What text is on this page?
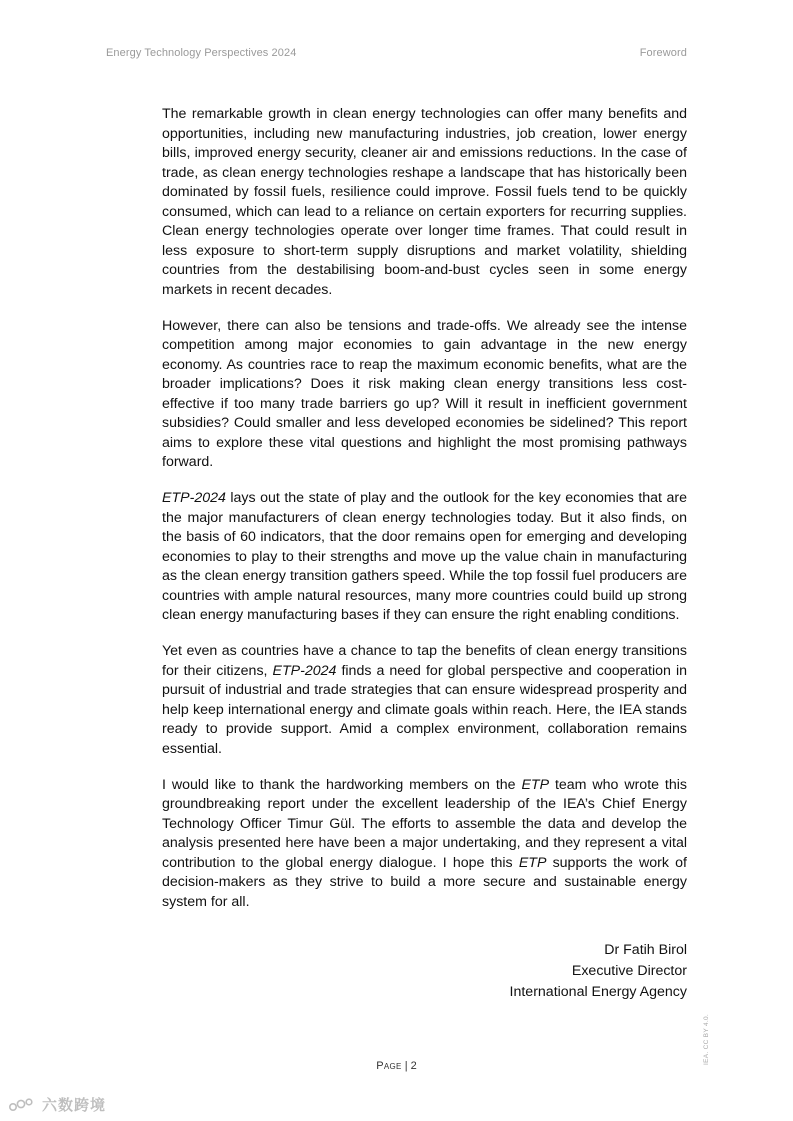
Energy Technology Perspectives 2024	Foreword

The remarkable growth in clean energy technologies can offer many benefits and opportunities, including new manufacturing industries, job creation, lower energy bills, improved energy security, cleaner air and emissions reductions. In the case of trade, as clean energy technologies reshape a landscape that has historically been dominated by fossil fuels, resilience could improve. Fossil fuels tend to be quickly consumed, which can lead to a reliance on certain exporters for recurring supplies. Clean energy technologies operate over longer time frames. That could result in less exposure to short-term supply disruptions and market volatility, shielding countries from the destabilising boom-and-bust cycles seen in some energy markets in recent decades.

However, there can also be tensions and trade-offs. We already see the intense competition among major economies to gain advantage in the new energy economy. As countries race to reap the maximum economic benefits, what are the broader implications? Does it risk making clean energy transitions less cost-effective if too many trade barriers go up? Will it result in inefficient government subsidies? Could smaller and less developed economies be sidelined? This report aims to explore these vital questions and highlight the most promising pathways forward.

ETP-2024 lays out the state of play and the outlook for the key economies that are the major manufacturers of clean energy technologies today. But it also finds, on the basis of 60 indicators, that the door remains open for emerging and developing economies to play to their strengths and move up the value chain in manufacturing as the clean energy transition gathers speed. While the top fossil fuel producers are countries with ample natural resources, many more countries could build up strong clean energy manufacturing bases if they can ensure the right enabling conditions.

Yet even as countries have a chance to tap the benefits of clean energy transitions for their citizens, ETP-2024 finds a need for global perspective and cooperation in pursuit of industrial and trade strategies that can ensure widespread prosperity and help keep international energy and climate goals within reach. Here, the IEA stands ready to provide support. Amid a complex environment, collaboration remains essential.

I would like to thank the hardworking members on the ETP team who wrote this groundbreaking report under the excellent leadership of the IEA’s Chief Energy Technology Officer Timur Gül. The efforts to assemble the data and develop the analysis presented here have been a major undertaking, and they represent a vital contribution to the global energy dialogue. I hope this ETP supports the work of decision-makers as they strive to build a more secure and sustainable energy system for all.

Dr Fatih Birol
Executive Director
International Energy Agency
Page | 2
IEA. CC BY 4.0.
六数跨境
